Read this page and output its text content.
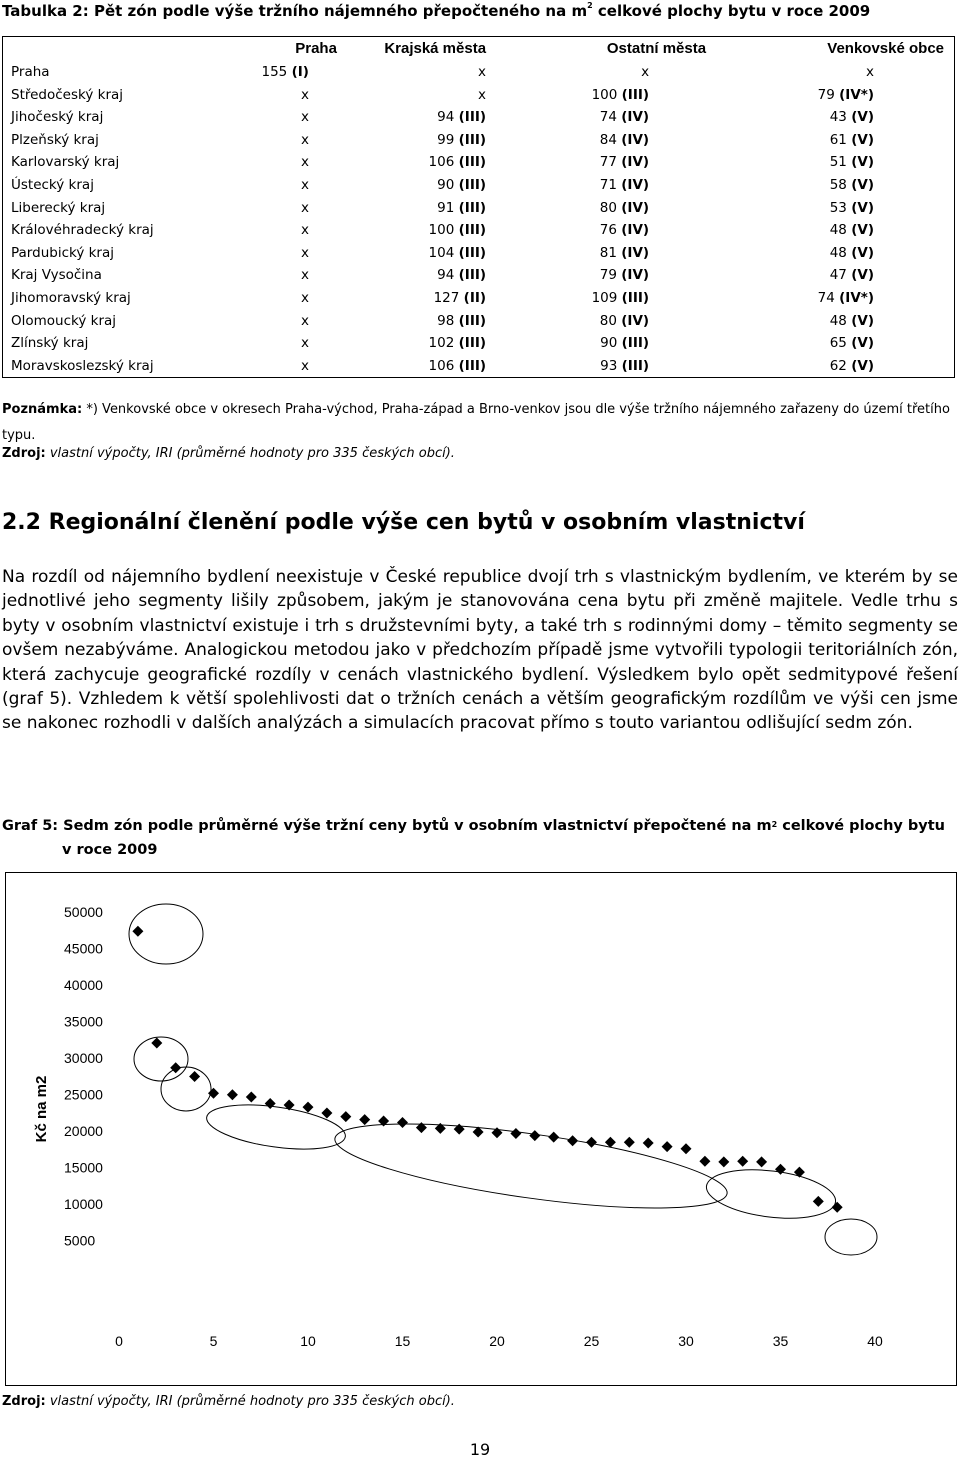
Tabulka 2: Pět zón podle výše tržního nájemného přepočteného na $m^2$ celkové plochy bytu v roce 2009
	Praha	Krajská města	Ostatní města	Venkovské obce
Praha	155 (I)	x	x	x
Středočeský kraj	x	x	100 (III)	79 (IV*)
Jihočeský kraj	x	94 (III)	74 (IV)	43 (V)
Plzeňský kraj	x	99 (III)	84 (IV)	61 (V)
Karlovarský kraj	x	106 (III)	77 (IV)	51 (V)
Ústecký kraj	x	90 (III)	71 (IV)	58 (V)
Liberecký kraj	x	91 (III)	80 (IV)	53 (V)
Královéhradecký kraj	x	100 (III)	76 (IV)	48 (V)
Pardubický kraj	x	104 (III)	81 (IV)	48 (V)
Kraj Vysočina	x	94 (III)	79 (IV)	47 (V)
Jihomoravský kraj	x	127 (II)	109 (III)	74 (IV*)
Olomoucký kraj	x	98 (III)	80 (IV)	48 (V)
Zlínský kraj	x	102 (III)	90 (III)	65 (V)
Moravskoslezský kraj	x	106 (III)	93 (III)	62 (V)
Poznámka: *) Venkovské obce v okresech Praha-východ, Praha-západ a Brno-venkov jsou dle výše tržního nájemného zařazeny do území třetího typu.
Zdroj: vlastní výpočty, IRI (průměrné hodnoty pro 335 českých obcí).
2.2 Regionální členění podle výše cen bytů v osobním vlastnictví
Na rozdíl od nájemního bydlení neexistuje v České republice dvojí trh s vlastnickým bydlením, ve kterém by se jednotlivé jeho segmenty lišily způsobem, jakým je stanovována cena bytu při změně majitele. Vedle trhu s byty v osobním vlastnictví existuje i trh s družstevními byty, a také trh s rodinnými domy – těmito segmenty se ovšem nezabýváme. Analogickou metodou jako v předchozím případě jsme vytvořili typologii teritoriálních zón, která zachycuje geografické rozdíly v cenách vlastnického bydlení. Výsledkem bylo opět sedmitypové řešení (graf 5). Vzhledem k větší spolehlivosti dat o tržních cenách a větším geografickým rozdílům ve výši cen jsme se nakonec rozhodli v dalších analýzách a simulacích pracovat přímo s touto variantou odlišující sedm zón.
Graf 5: Sedm zón podle průměrné výše tržní ceny bytů v osobním vlastnictví přepočtené na $m^2$ celkové plochy bytu
v roce 2009
5000
10000
15000
20000
25000
30000
35000
40000
45000
50000
0	5	10	15	20	25	30	35	40
Kč na m2
Zdroj: vlastní výpočty, IRI (průměrné hodnoty pro 335 českých obcí).
19
